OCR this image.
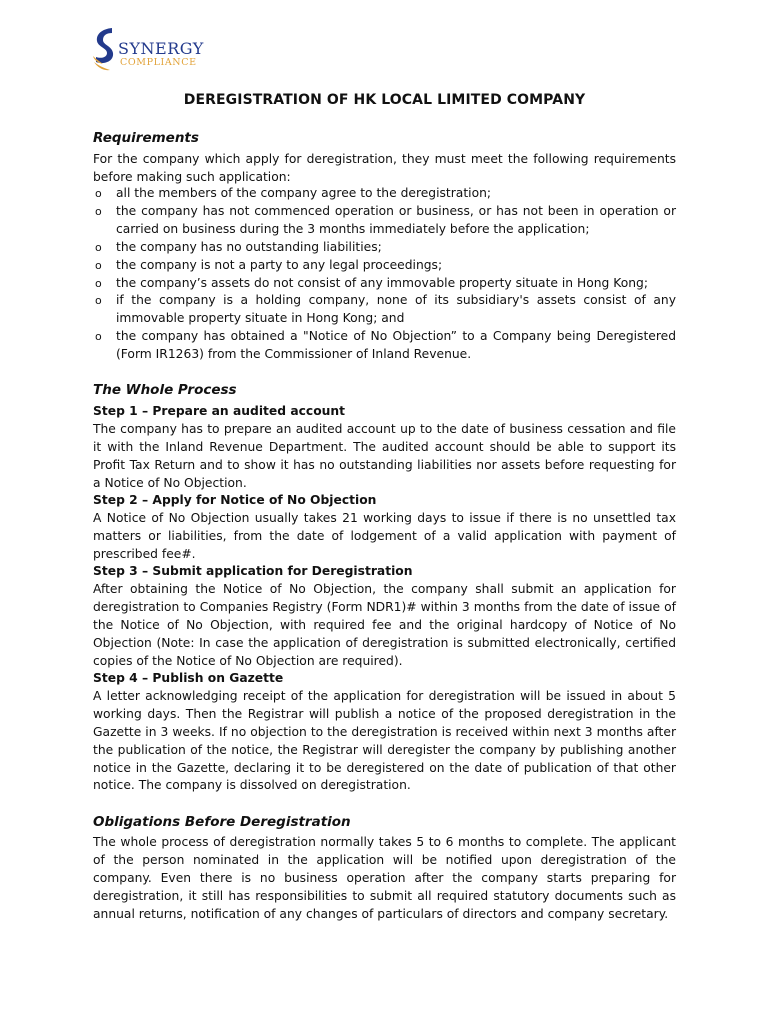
SYNERGY
COMPLIANCE
DEREGISTRATION OF HK LOCAL LIMITED COMPANY
Requirements

For the company which apply for deregistration, they must meet the following requirements before making such application:

o all the members of the company agree to the deregistration;
o the company has not commenced operation or business, or has not been in operation or carried on business during the 3 months immediately before the application;
o the company has no outstanding liabilities;
o the company is not a party to any legal proceedings;
o the company’s assets do not consist of any immovable property situate in Hong Kong;
o if the company is a holding company, none of its subsidiary's assets consist of any immovable property situate in Hong Kong; and
o the company has obtained a "Notice of No Objection” to a Company being Deregistered (Form IR1263) from the Commissioner of Inland Revenue.
The Whole Process
Step 1 – Prepare an audited account
The company has to prepare an audited account up to the date of business cessation and file it with the Inland Revenue Department. The audited account should be able to support its Profit Tax Return and to show it has no outstanding liabilities nor assets before requesting for a Notice of No Objection.
Step 2 – Apply for Notice of No Objection
A Notice of No Objection usually takes 21 working days to issue if there is no unsettled tax matters or liabilities, from the date of lodgement of a valid application with payment of prescribed fee#.
Step 3 – Submit application for Deregistration
After obtaining the Notice of No Objection, the company shall submit an application for deregistration to Companies Registry (Form NDR1)# within 3 months from the date of issue of the Notice of No Objection, with required fee and the original hardcopy of Notice of No Objection (Note: In case the application of deregistration is submitted electronically, certified copies of the Notice of No Objection are required).
Step 4 – Publish on Gazette
A letter acknowledging receipt of the application for deregistration will be issued in about 5 working days. Then the Registrar will publish a notice of the proposed deregistration in the Gazette in 3 weeks. If no objection to the deregistration is received within next 3 months after the publication of the notice, the Registrar will deregister the company by publishing another notice in the Gazette, declaring it to be deregistered on the date of publication of that other notice. The company is dissolved on deregistration.
Obligations Before Deregistration

The whole process of deregistration normally takes 5 to 6 months to complete. The applicant of the person nominated in the application will be notified upon deregistration of the company. Even there is no business operation after the company starts preparing for deregistration, it still has responsibilities to submit all required statutory documents such as annual returns, notification of any changes of particulars of directors and company secretary.
